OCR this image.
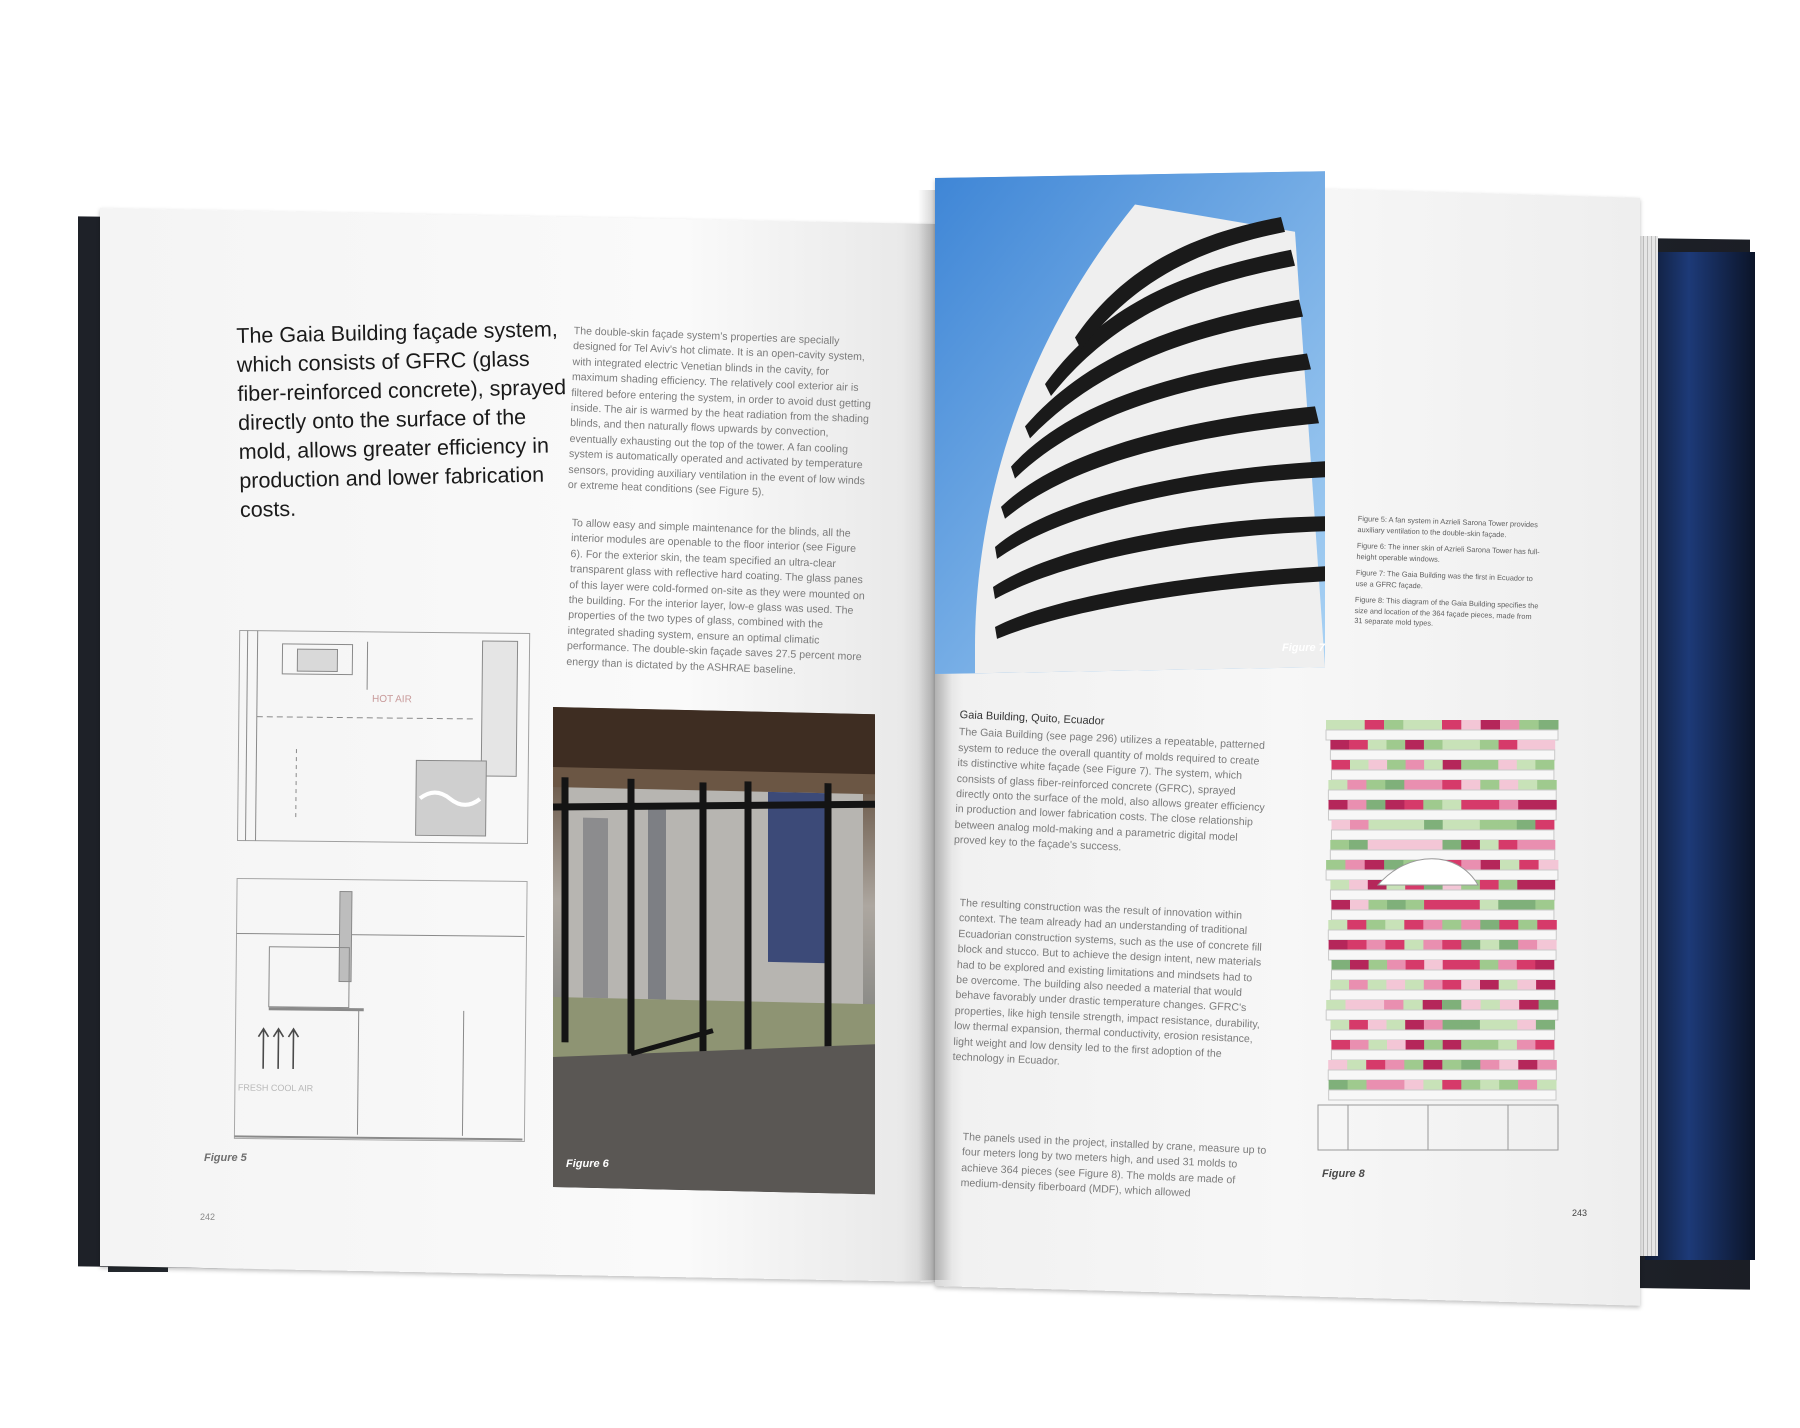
The Gaia Building façade system, which consists of GFRC (glass fiber-reinforced concrete), sprayed directly onto the surface of the mold, allows greater efficiency in production and lower fabrication costs.
The double-skin façade system's properties are specially designed for Tel Aviv's hot climate. It is an open-cavity system, with integrated electric Venetian blinds in the cavity, for maximum shading efficiency. The relatively cool exterior air is filtered before entering the system, in order to avoid dust getting inside. The air is warmed by the heat radiation from the shading blinds, and then naturally flows upwards by convection, eventually exhausting out the top of the tower. A fan cooling system is automatically operated and activated by temperature sensors, providing auxiliary ventilation in the event of low winds or extreme heat conditions (see Figure 5).
To allow easy and simple maintenance for the blinds, all the interior modules are openable to the floor interior (see Figure 6). For the exterior skin, the team specified an ultra-clear transparent glass with reflective hard coating. The glass panes of this layer were cold-formed on-site as they were mounted on the building. For the interior layer, low-e glass was used. The properties of the two types of glass, combined with the integrated shading system, ensure an optimal climatic performance. The double-skin façade saves 27.5 percent more energy than is dictated by the ASHRAE baseline.
HOT AIR
FRESH COOL AIR
Figure 5	Figure 6
242
Figure 7

Figure 5: A fan system in Azrieli Sarona Tower provides auxiliary ventilation to the double-skin façade.

Figure 6: The inner skin of Azrieli Sarona Tower has full-height operable windows.

Figure 7: The Gaia Building was the first in Ecuador to use a GFRC façade.

Figure 8: This diagram of the Gaia Building specifies the size and location of the 364 façade pieces, made from 31 separate mold types.

Gaia Building, Quito, Ecuador
The Gaia Building (see page 296) utilizes a repeatable, patterned system to reduce the overall quantity of molds required to create its distinctive white façade (see Figure 7). The system, which consists of glass fiber-reinforced concrete (GFRC), sprayed directly onto the surface of the mold, also allows greater efficiency in production and lower fabrication costs. The close relationship between analog mold-making and a parametric digital model proved key to the façade's success.
The resulting construction was the result of innovation within context. The team already had an understanding of traditional Ecuadorian construction systems, such as the use of concrete fill block and stucco. But to achieve the design intent, new materials had to be explored and existing limitations and mindsets had to be overcome. The building also needed a material that would behave favorably under drastic temperature changes. GFRC's properties, like high tensile strength, impact resistance, durability, low thermal expansion, thermal conductivity, erosion resistance, light weight and low density led to the first adoption of the technology in Ecuador.
The panels used in the project, installed by crane, measure up to four meters long by two meters high, and used 31 molds to achieve 364 pieces (see Figure 8). The molds are made of medium-density fiberboard (MDF), which allowed
Figure 8
243
